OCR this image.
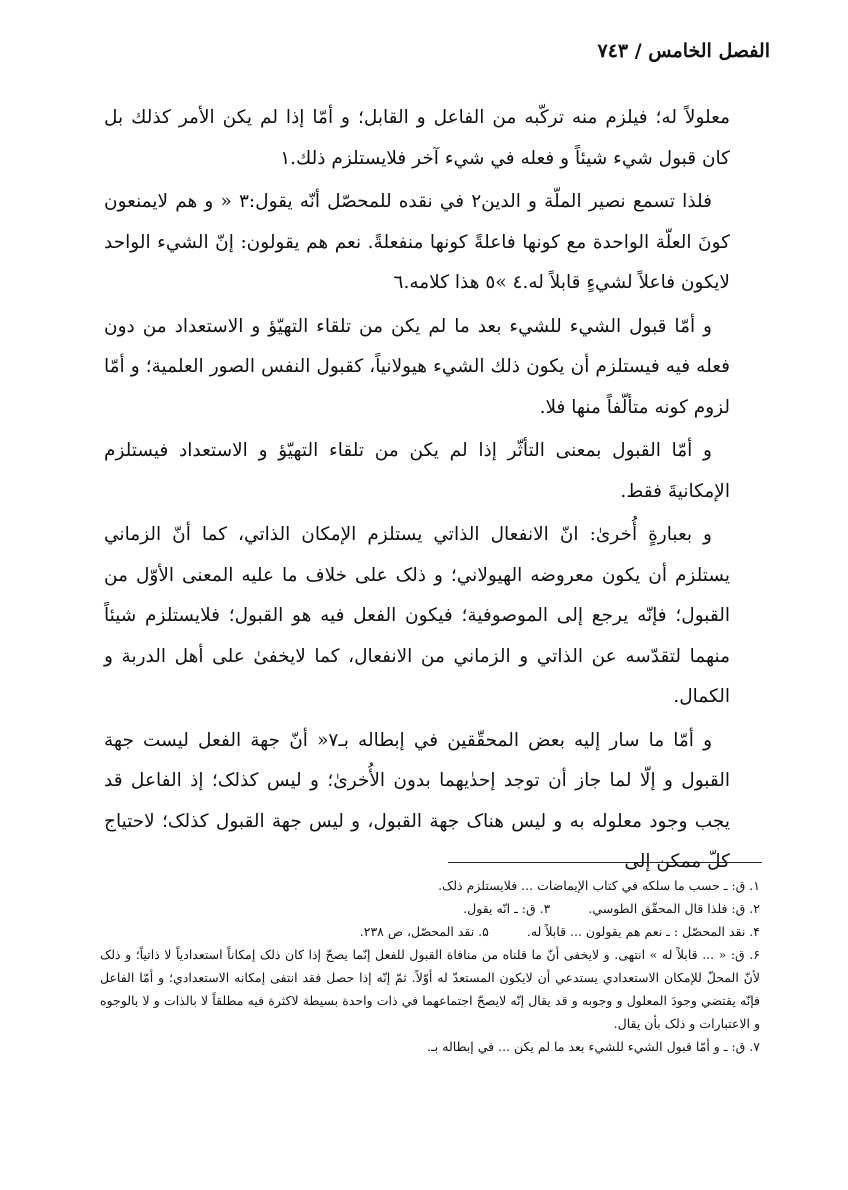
الفصل الخامس / ٧٤٣

معلولاً له؛ فيلزم منه تركّبه من الفاعل و القابل؛ و أمّا إذا لم يكن الأمر كذلك بل كان قبول شيء شيئاً و فعله في شيء آخر فلايستلزم ذلك.١

فلذا تسمع نصير الملّة و الدين٢ في نقده للمحصّل أنّه يقول:٣ « و هم لايمنعون كونَ العلّة الواحدة مع كونها فاعلةً كونها منفعلةً. نعم هم يقولون: إنّ الشيء الواحد لايكون فاعلاً لشيءٍ قابلاً له.٤ »٥ هذا كلامه.٦

و أمّا قبول الشيء للشيء بعد ما لم يكن من تلقاء التهيّؤ و الاستعداد من دون فعله فيه فيستلزم أن يكون ذلك الشيء هيولانياً، كقبول النفس الصور العلمية؛ و أمّا لزوم كونه متألّفاً منها فلا.

و أمّا القبول بمعنى التأثّر إذا لم يكن من تلقاء التهيّؤ و الاستعداد فيستلزم الإمكانيةَ فقط.

و بعبارةٍ أُخرىٰ: انّ الانفعال الذاتي يستلزم الإمكان الذاتي، كما أنّ الزماني يستلزم أن يكون معروضه الهيولاني؛ و ذلک علی خلاف ما عليه المعنی الأوّل من القبول؛ فإنّه يرجع إلی الموصوفية؛ فيكون الفعل فيه هو القبول؛ فلايستلزم شيئاً منهما لتقدّسه عن الذاتي و الزماني من الانفعال، كما لايخفیٰ علی أهل الدربة و الكمال.

و أمّا ما سار إليه بعض المحقّقين في إبطاله بـ٧« أنّ جهة الفعل ليست جهة القبول و إلّا لما جاز أن توجد إحدٰيهما بدون الأُخرىٰ؛ و ليس كذلک؛ إذ الفاعل قد يجب وجود معلوله به و ليس هناک جهة القبول، و ليس جهة القبول كذلک؛ لاحتياج كلّ ممكن إلی

١. ق: ـ حسب ما سلكه في كتاب الإيماضات ... فلايستلزم ذلک.

٢. ق: فلذا قال المحقّق الطوسي.

٣. ق: ـ انّه يقول.

۴. نقد المحصّل : ـ نعم هم يقولون ... قابلاً له.

۵. نقد المحصّل، ص ٢٣٨.

۶. ق: « ... قابلاً له » انتهى. و لايخفى أنّ ما قلناه من منافاة القبول للفعل إنّما يصحّ إذا كان ذلک إمكاناً استعدادياً لا ذاتياً؛ و ذلک لأنّ المحلّ للإمكان الاستعدادي يستدعي أن لايكون المستعدّ له أوّلاً. ثمّ إنّه إذا حصل فقد انتفى إمكانه الاستعدادي؛ و أمّا الفاعل فإنّه يقتضي وجودَ المعلول و وجوبه و قد يقال إنّه لايصحّ اجتماعهما في ذات واحدة بسيطة لاكثرة فيه مطلقاً لا بالذات و لا بالوجوه و الاعتبارات و ذلک بأن يقال.

٧. ق: ـ و أمّا قبول الشيء للشيء بعد ما لم يكن ... في إبطاله بـ.
